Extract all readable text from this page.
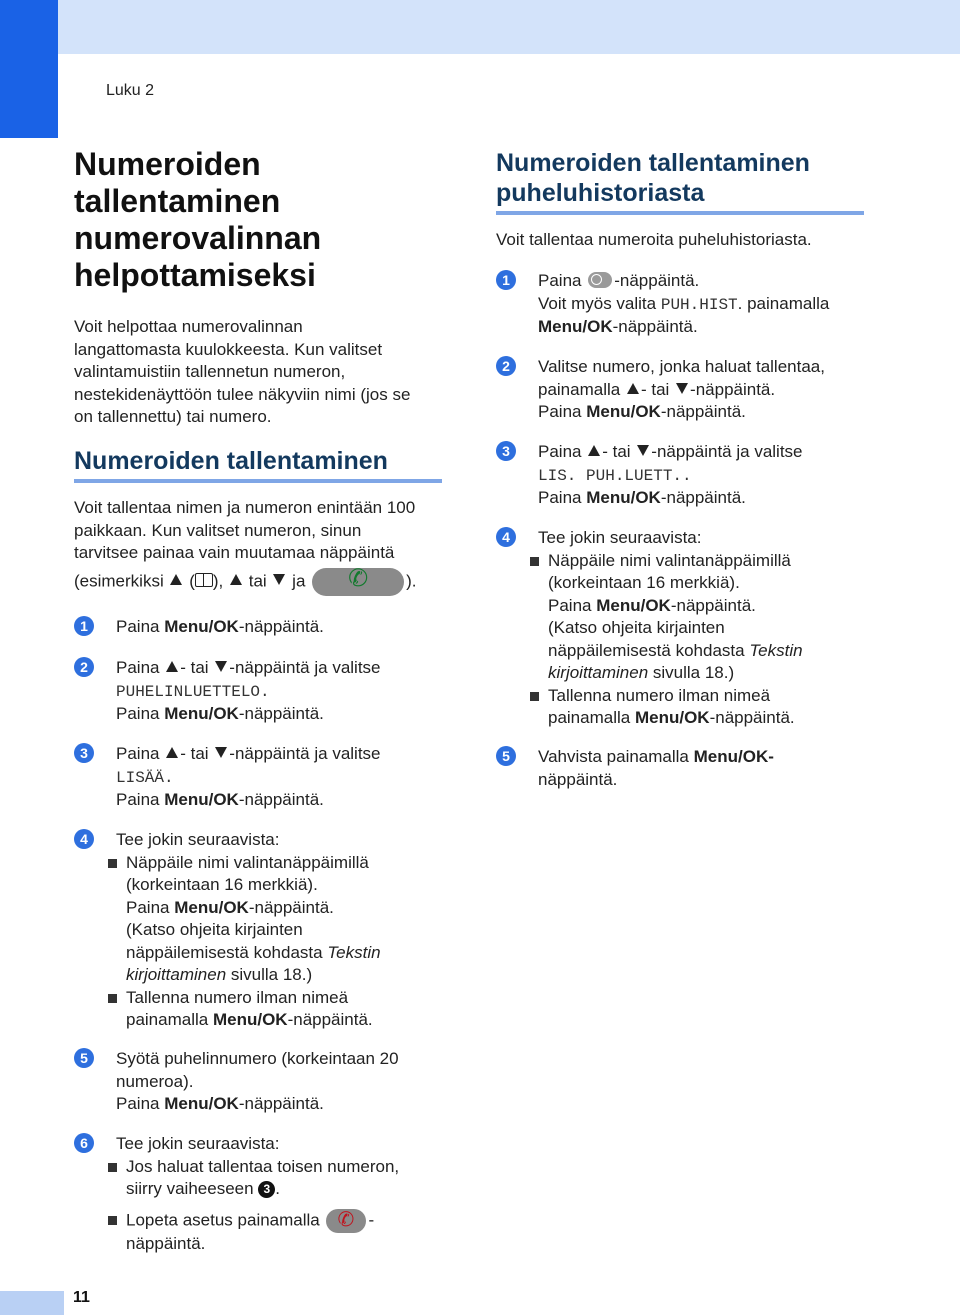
Luku 2
Numeroiden
tallentaminen
numerovalinnan
helpottamiseksi
Voit helpottaa numerovalinnan
langattomasta kuulokkeesta. Kun valitset
valintamuistiin tallennetun numeron,
nestekidenäyttöön tulee näkyviin nimi (jos se
on tallennettu) tai numero.
Numeroiden tallentaminen
Voit tallentaa nimen ja numeron enintään 100
paikkaan. Kun valitset numeron, sinun
tarvitsee painaa vain muutamaa näppäintä
(esimerkiksi ( ), tai ja ✆	).
1	Paina Menu/OK-näppäintä.
2	Paina - tai -näppäintä ja valitse
PUHELINLUETTELO.
Paina Menu/OK-näppäintä.
3	Paina - tai -näppäintä ja valitse
LISÄÄ.
Paina Menu/OK-näppäintä.
4	Tee jokin seuraavista:
Näppäile nimi valintanäppäimillä
(korkeintaan 16 merkkiä).
Paina Menu/OK-näppäintä.
(Katso ohjeita kirjainten
näppäilemisestä kohdasta Tekstin
kirjoittaminen sivulla 18.)
Tallenna numero ilman nimeä
painamalla Menu/OK-näppäintä.
5	Syötä puhelinnumero (korkeintaan 20
numeroa).
Paina Menu/OK-näppäintä.
6	Tee jokin seuraavista:
Jos haluat tallentaa toisen numeron,
siirry vaiheeseen 3 .
Lopeta asetus painamalla ✆	-
näppäintä.
Numeroiden tallentaminen
puheluhistoriasta
Voit tallentaa numeroita puheluhistoriasta.
1	Paina -näppäintä.
Voit myös valita PUH.HIST. painamalla
Menu/OK-näppäintä.
2	Valitse numero, jonka haluat tallentaa,
painamalla - tai -näppäintä.
Paina Menu/OK-näppäintä.
3	Paina - tai -näppäintä ja valitse
LIS. PUH.LUETT..
Paina Menu/OK-näppäintä.
4	Tee jokin seuraavista:
Näppäile nimi valintanäppäimillä
(korkeintaan 16 merkkiä).
Paina Menu/OK-näppäintä.
(Katso ohjeita kirjainten
näppäilemisestä kohdasta Tekstin
kirjoittaminen sivulla 18.)
Tallenna numero ilman nimeä
painamalla Menu/OK-näppäintä.
5	Vahvista painamalla Menu/OK-
näppäintä.
11
